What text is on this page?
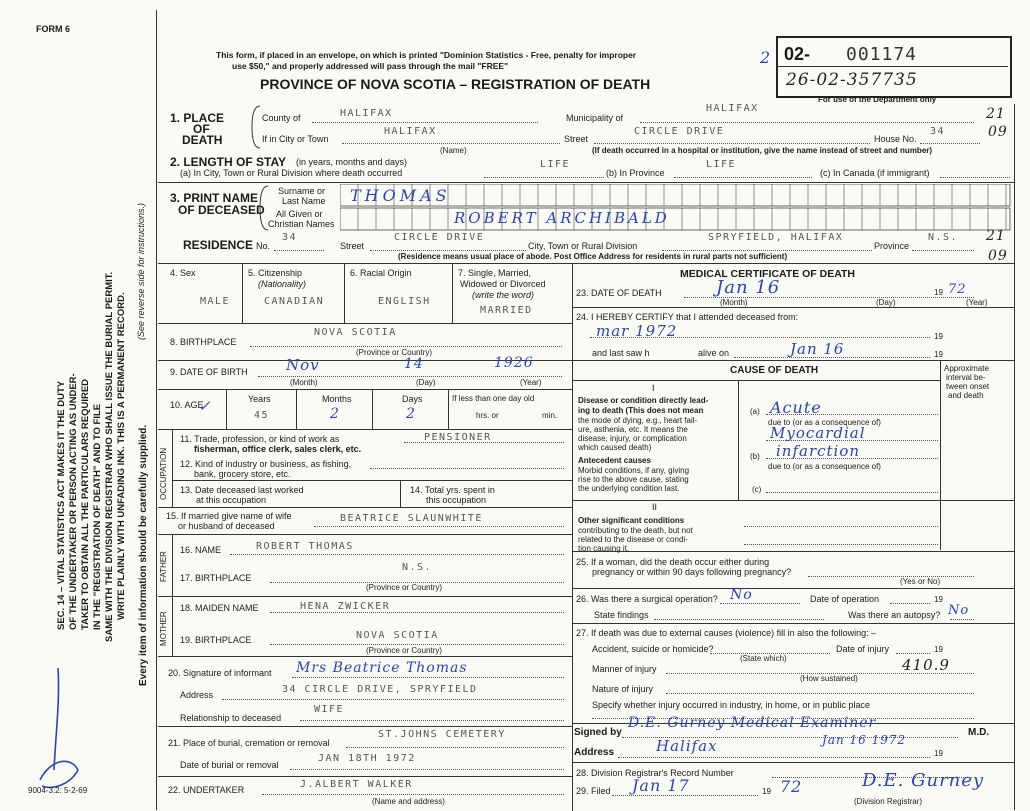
FORM 6
SEC. 14 – VITAL STATISTICS ACT MAKES IT THE DUTY OF THE UNDERTAKER OR PERSON ACTING AS UNDER- TAKER TO OBTAIN ALL THE PARTICULARS REQUIRED IN THE "REGISTRATION OF DEATH" AND TO FILE SAME WITH THE DIVISION REGISTRAR WHO SHALL ISSUE THE BURIAL PERMIT. WRITE PLAINLY WITH UNFADING INK. THIS IS A PERMANENT RECORD.
(See reverse side for instructions.)
Every item of information should be carefully supplied.
9004-3.2: 5-2-69
This form, if placed in an envelope, on which is printed "Dominion Statistics - Free, penalty for improper
use $50," and properly addressed will pass through the mail "FREE"
PROVINCE OF NOVA SCOTIA – REGISTRATION OF DEATH
02- 001174
2
26-02-357735
For use of the Department only
1. PLACE
OF
DEATH
County of	HALIFAX	Municipality of
HALIFAX	21
If in City or Town
HALIFAX
Street
CIRCLE DRIVE
House No.
34	09
(Name)	(If death occurred in a hospital or institution, give the name instead of street and number)
2. LENGTH OF STAY (in years, months and days)
(a) In City, Town or Rural Division where death occurred
LIFE
(b) In Province
LIFE
(c) In Canada (if immigrant)
3. PRINT NAME
OF DECEASED
Surname or
Last Name
All Given or
Christian Names
THOMAS
ROBERT ARCHIBALD
RESIDENCE No.
34
Street
CIRCLE DRIVE
City, Town or Rural Division
SPRYFIELD, HALIFAX
Province
N.S. 21
09
(Residence means usual place of abode. Post Office Address for residents in rural parts not sufficient)
4. Sex
MALE
5. Citizenship
(Nationality)
CANADIAN
6. Racial Origin
ENGLISH
7. Single, Married,
Widowed or Divorced
(write the word)
MARRIED
8. BIRTHPLACE
NOVA SCOTIA
(Province or Country)
9. DATE OF BIRTH	Nov	14	1926
(Month)	(Day)	(Year)
10. AGE
✓	Years
45
Months
2
Days
2
If less than one day old
hrs. or	min.
OCCUPATION
11. Trade, profession, or kind of work as
fisherman, office clerk, sales clerk, etc.
PENSIONER
12. Kind of industry or business, as fishing,
bank, grocery store, etc.
13. Date deceased last worked
at this occupation
14. Total yrs. spent in
this occupation
15. If married give name of wife
or husband of deceased
BEATRICE SLAUNWHITE
FATHER
16. NAME	ROBERT THOMAS
17. BIRTHPLACE
N.S.
(Province or Country)
MOTHER
18. MAIDEN NAME	HENA ZWICKER
19. BIRTHPLACE	NOVA SCOTIA
(Province or Country)
20. Signature of informant Mrs Beatrice Thomas
Address	34 CIRCLE DRIVE, SPRYFIELD
Relationship to deceased
WIFE
21. Place of burial, cremation or removal
ST.JOHNS CEMETERY
Date of burial or removal
JAN 18TH 1972
22. UNDERTAKER	J.ALBERT WALKER
(Name and address)
MEDICAL CERTIFICATE OF DEATH
23. DATE OF DEATH	Jan 16	72
(Month)	(Day)	(Year)
19
24. I HEREBY CERTIFY that I attended deceased from:
mar 1972	19
and last saw h	alive on	Jan 16	19
CAUSE OF DEATH	Approximate
interval be-
tween onset
and death
I
Disease or condition directly lead-
ing to death (This does not mean
the mode of dying, e.g., heart fail-
ure, asthenia, etc. It means the
disease, injury, or complication
which caused death)
(a) Acute
due to (or as a consequence of)
Myocardial
(b) infarction
due to (or as a consequence of)
(c)
Antecedent causes
Morbid conditions, if any, giving
rise to the above cause, stating
the underlying condition last.
II
Other significant conditions
contributing to the death, but not
related to the disease or condi-
tion causing it.
25. If a woman, did the death occur either during
pregnancy or within 90 days following pregnancy?
(Yes or No)
26. Was there a surgical operation? No	Date of operation	19
State findings	Was there an autopsy? No
27. If death was due to external causes (violence) fill in also the following: –
Accident, suicide or homicide?
(State which)
Date of injury	19
Manner of injury	410.9
(How sustained)
Nature of injury
Specify whether injury occurred in industry, in home, or in public place
Signed by
D.E. Gurney Medical Examiner
M.D.
Address	Halifax	Jan 16 1972
19
28. Division Registrar's Record Number
29. Filed Jan 17	19 72	D.E. Gurney
(Division Registrar)
